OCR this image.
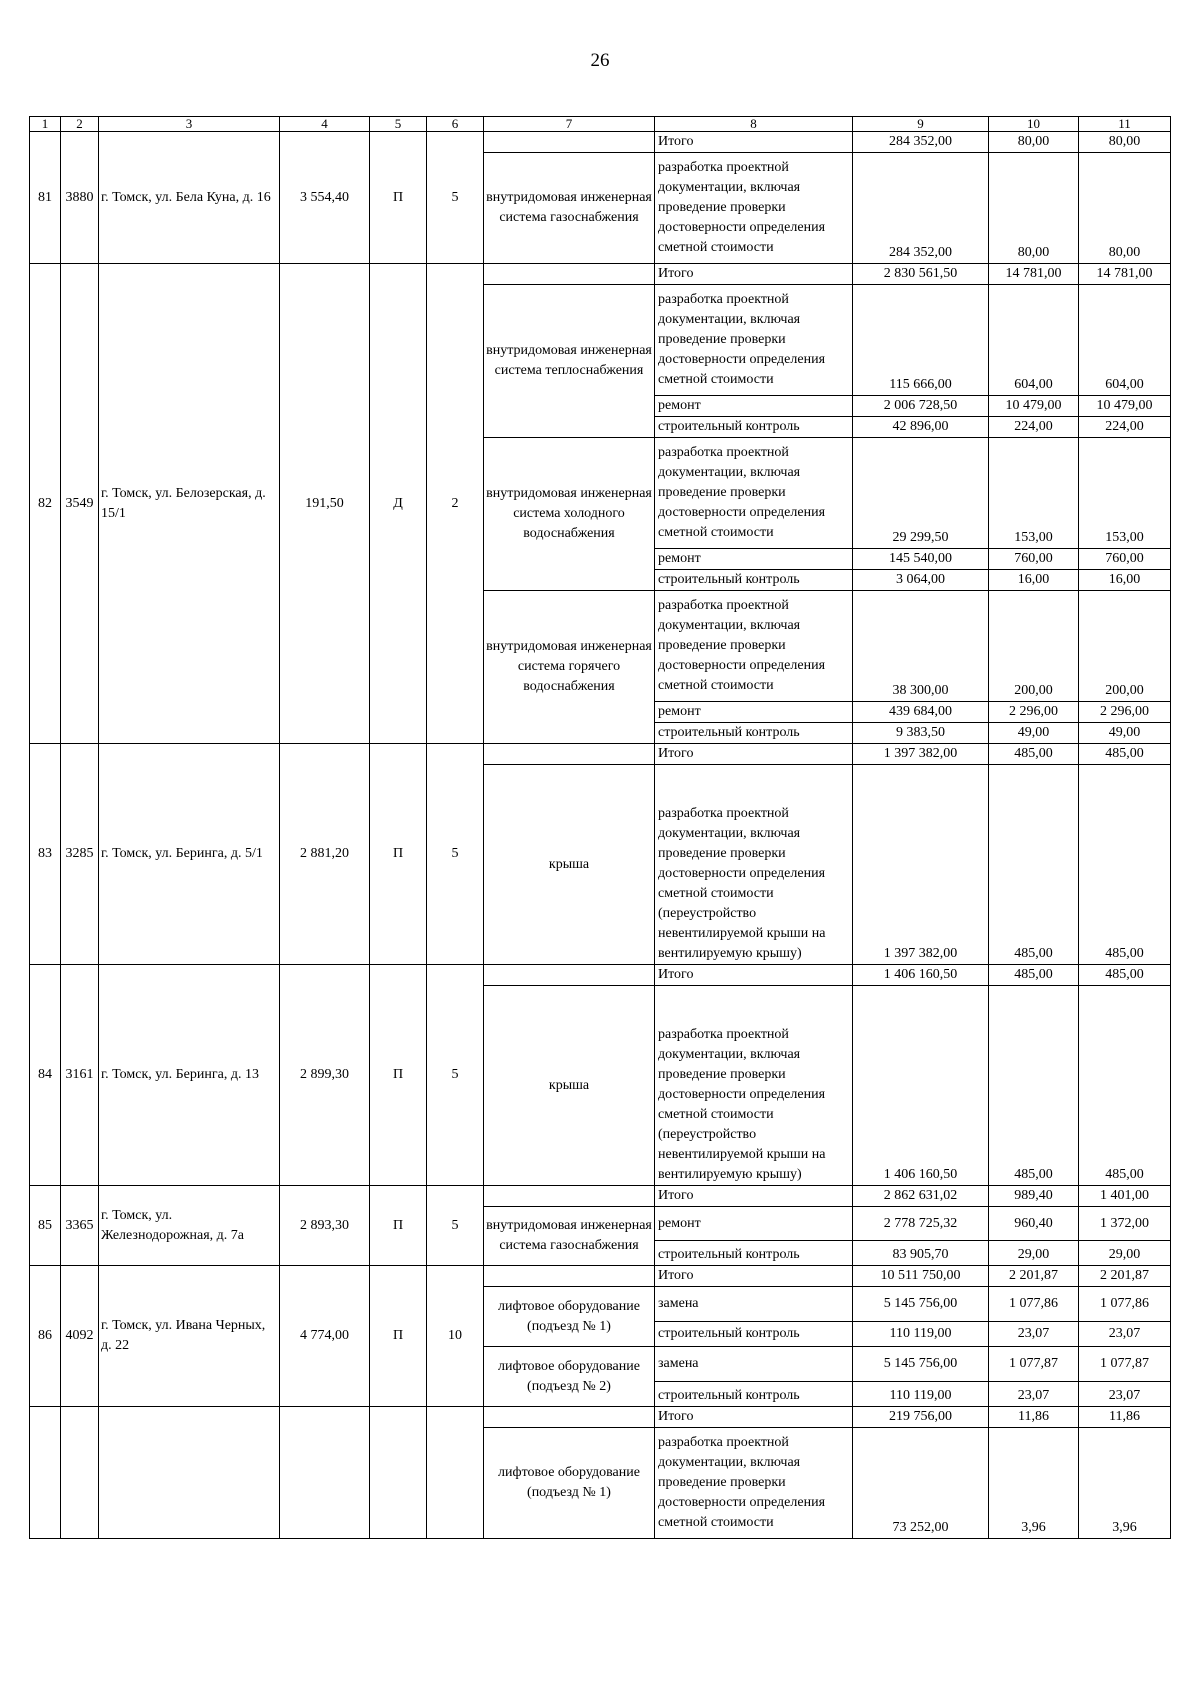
26
1	2	3	4	5	6	7	8	9	10	11
81	3880	г. Томск, ул. Бела Куна, д. 16	3 554,40	П	5		Итого	284 352,00	80,00	80,00
						внутридомовая инженерная система газоснабжения	разработка проектной документации, включая проведение проверки достоверности определения сметной стоимости	284 352,00	80,00	80,00
82	3549	г. Томск, ул. Белозерская, д. 15/1	191,50	Д	2		Итого	2 830 561,50	14 781,00	14 781,00
						внутридомовая инженерная система теплоснабжения	разработка проектной документации, включая проведение проверки достоверности определения сметной стоимости	115 666,00	604,00	604,00
							ремонт	2 006 728,50	10 479,00	10 479,00
							строительный контроль	42 896,00	224,00	224,00
						внутридомовая инженерная система холодного водоснабжения	разработка проектной документации, включая проведение проверки достоверности определения сметной стоимости	29 299,50	153,00	153,00
							ремонт	145 540,00	760,00	760,00
							строительный контроль	3 064,00	16,00	16,00
						внутридомовая инженерная система горячего водоснабжения	разработка проектной документации, включая проведение проверки достоверности определения сметной стоимости	38 300,00	200,00	200,00
							ремонт	439 684,00	2 296,00	2 296,00
							строительный контроль	9 383,50	49,00	49,00
83	3285	г. Томск, ул. Беринга, д. 5/1	2 881,20	П	5		Итого	1 397 382,00	485,00	485,00
						крыша	разработка проектной документации, включая проведение проверки достоверности определения сметной стоимости (переустройство невентилируемой крыши на вентилируемую крышу)	1 397 382,00	485,00	485,00
84	3161	г. Томск, ул. Беринга, д. 13	2 899,30	П	5		Итого	1 406 160,50	485,00	485,00
						крыша	разработка проектной документации, включая проведение проверки достоверности определения сметной стоимости (переустройство невентилируемой крыши на вентилируемую крышу)	1 406 160,50	485,00	485,00
85	3365	г. Томск, ул. Железнодорожная, д. 7а	2 893,30	П	5		Итого	2 862 631,02	989,40	1 401,00
						внутридомовая инженерная система газоснабжения	ремонт	2 778 725,32	960,40	1 372,00
							строительный контроль	83 905,70	29,00	29,00
86	4092	г. Томск, ул. Ивана Черных, д. 22	4 774,00	П	10		Итого	10 511 750,00	2 201,87	2 201,87
						лифтовое оборудование (подъезд № 1)	замена	5 145 756,00	1 077,86	1 077,86
							строительный контроль	110 119,00	23,07	23,07
						лифтовое оборудование (подъезд № 2)	замена	5 145 756,00	1 077,87	1 077,87
							строительный контроль	110 119,00	23,07	23,07
							Итого	219 756,00	11,86	11,86
						лифтовое оборудование (подъезд № 1)	разработка проектной документации, включая проведение проверки достоверности определения сметной стоимости	73 252,00	3,96	3,96
